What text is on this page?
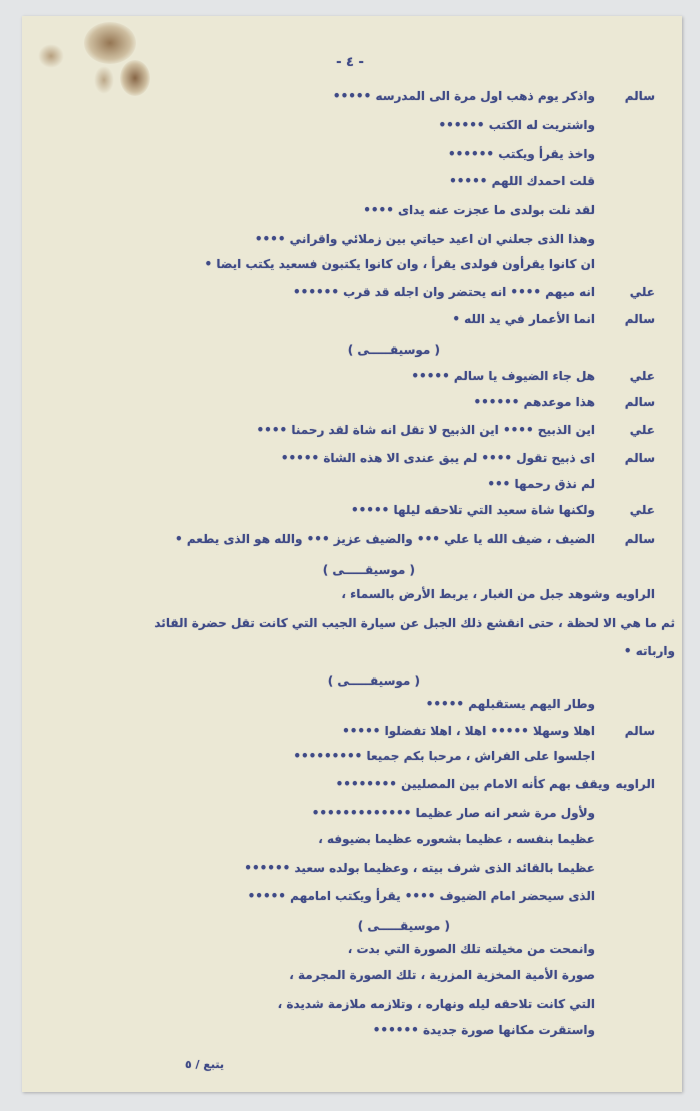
- ٤ -
سالم
واذكر يوم ذهب اول مرة الى المدرسه •••••
واشتريت له الكتب ••••••
واخذ يقرأ ويكتب ••••••
قلت احمدك اللهم •••••
لقد نلت بولدى ما عجزت عنه يداى ••••
وهذا الذى جعلني ان اعيد حياتي بين زملائي واقراني ••••
ان كانوا يقرأون فولدى يقرأ ، وان كانوا يكتبون فسعيد يكتب ايضا •
علي
انه ميهم •••• انه يحتضر وان اجله قد قرب ••••••
سالم
انما الأعمار في يد الله •
( موسيقـــــى )
علي
هل جاء الضيوف يا سالم •••••
سالم
هذا موعدهم ••••••
علي
اين الذبيح •••• اين الذبيح لا تقل انه شاة لقد رحمنا ••••
سالم
اى ذبيح تقول •••• لم يبق عندى الا هذه الشاة •••••
لم نذق رحمها •••
علي
ولكنها شاة سعيد التي تلاحقه ليلها •••••
سالم
الضيف ، ضيف الله يا علي ••• والضيف عزيز ••• والله هو الذى يطعم •
( موسيقـــــى )
الراويه
وشوهد جبل من الغبار ، يربط الأرض بالسماء ،
ثم ما هي الا لحظة ، حتى انقشع ذلك الجبل عن سيارة الجيب التي كانت تقل حضرة القائد
وارباته •
( موسيقـــــى )
وطار اليهم يستقبلهم •••••
سالم
اهلا وسهلا ••••• اهلا ، اهلا تفضلوا •••••
اجلسوا على الفراش ، مرحبا بكم جميعا •••••••••
الراويه
ويقف بهم كأنه الامام بين المصليين ••••••••
ولأول مرة شعر انه صار عظيما •••••••••••••
عظيما بنفسه ، عظيما بشعوره عظيما بضيوفه ،
عظيما بالقائد الذى شرف بيته ، وعظيما بولده سعيد ••••••
الذى سيحضر امام الضيوف •••• يقرأ ويكتب امامهم •••••
( موسيقـــــى )
وانمحت من مخيلته تلك الصورة التي بدت ،
صورة الأمية المخزية المزرية ، تلك الصورة المجرمة ،
التي كانت تلاحقه ليله ونهاره ، وتلازمه ملازمة شديدة ،
واستقرت مكانها صورة جديدة ••••••
يتبع / ٥
